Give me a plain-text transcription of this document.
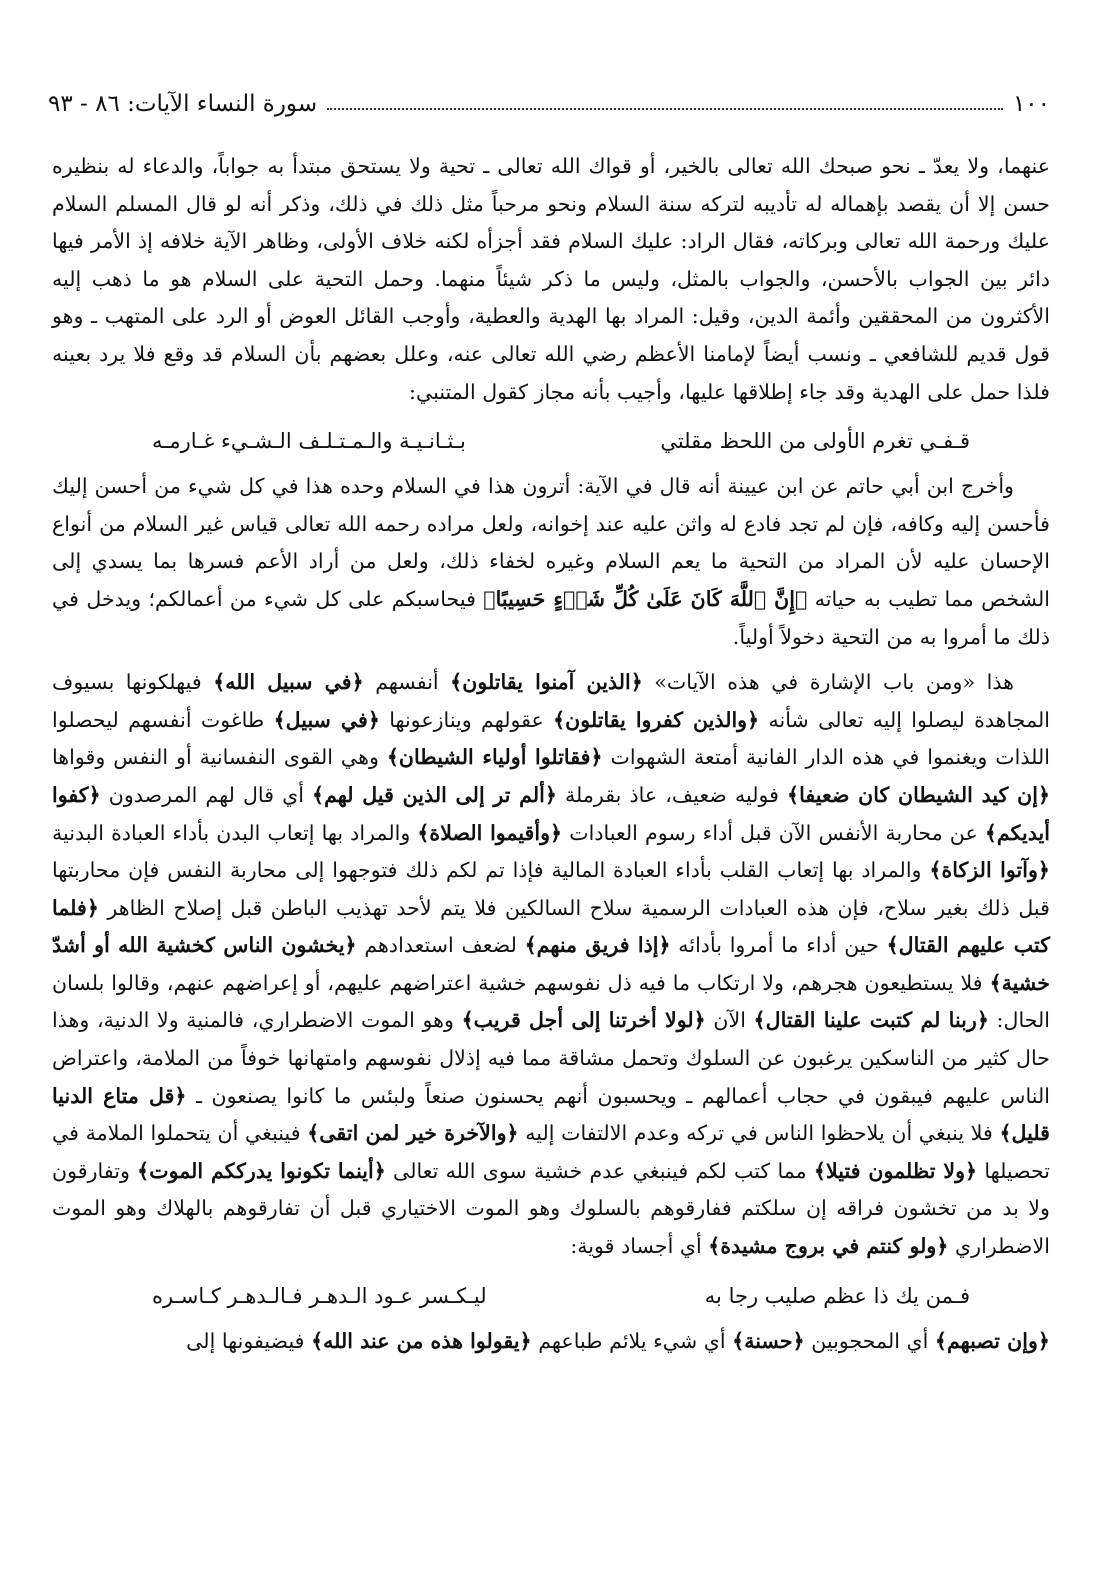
١٠٠
سورة النساء الآيات: ٨٦ - ٩٣

عنهما، ولا يعدّ ـ نحو صبحك الله تعالى بالخير، أو قواك الله تعالى ـ تحية ولا يستحق مبتدأ به جواباً، والدعاء له بنظيره حسن إلا أن يقصد بإهماله له تأديبه لتركه سنة السلام ونحو مرحباً مثل ذلك في ذلك، وذكر أنه لو قال المسلم السلام عليك ورحمة الله تعالى وبركاته، فقال الراد: عليك السلام فقد أجزأه لكنه خلاف الأولى، وظاهر الآية خلافه إذ الأمر فيها دائر بين الجواب بالأحسن، والجواب بالمثل، وليس ما ذكر شيئاً منهما. وحمل التحية على السلام هو ما ذهب إليه الأكثرون من المحققين وأئمة الدين، وقيل: المراد بها الهدية والعطية، وأوجب القائل العوض أو الرد على المتهب ـ وهو قول قديم للشافعي ـ ونسب أيضاً لإمامنا الأعظم رضي الله تعالى عنه، وعلل بعضهم بأن السلام قد وقع فلا يرد بعينه فلذا حمل على الهدية وقد جاء إطلاقها عليها، وأجيب بأنه مجاز كقول المتنبي:

قـفـي تغرم الأولى من اللحظ مقلتي
بـثـانـيـة والـمـتـلـف الـشـيء غـارمـه

وأخرج ابن أبي حاتم عن ابن عيينة أنه قال في الآية: أترون هذا في السلام وحده هذا في كل شيء من أحسن إليك فأحسن إليه وكافه، فإن لم تجد فادع له واثن عليه عند إخوانه، ولعل مراده رحمه الله تعالى قياس غير السلام من أنواع الإحسان عليه لأن المراد من التحية ما يعم السلام وغيره لخفاء ذلك، ولعل من أراد الأعم فسرها بما يسدي إلى الشخص مما تطيب به حياته ﴿إِنَّ ٱللَّهَ كَانَ عَلَىٰ كُلِّ شَيۡءٍ حَسِيبًا﴾ فيحاسبكم على كل شيء من أعمالكم؛ ويدخل في ذلك ما أمروا به من التحية دخولاً أولياً.

هذا «ومن باب الإشارة في هذه الآيات» ﴿الذين آمنوا يقاتلون﴾ أنفسهم ﴿في سبيل الله﴾ فيهلكونها بسيوف المجاهدة ليصلوا إليه تعالى شأنه ﴿والذين كفروا يقاتلون﴾ عقولهم وينازعونها ﴿في سبيل﴾ طاغوت أنفسهم ليحصلوا اللذات ويغنموا في هذه الدار الفانية أمتعة الشهوات ﴿فقاتلوا أولياء الشيطان﴾ وهي القوى النفسانية أو النفس وقواها ﴿إن كيد الشيطان كان ضعيفا﴾ فوليه ضعيف، عاذ بقرملة ﴿ألم تر إلى الذين قيل لهم﴾ أي قال لهم المرصدون ﴿كفوا أيديكم﴾ عن محاربة الأنفس الآن قبل أداء رسوم العبادات ﴿وأقيموا الصلاة﴾ والمراد بها إتعاب البدن بأداء العبادة البدنية ﴿وآتوا الزكاة﴾ والمراد بها إتعاب القلب بأداء العبادة المالية فإذا تم لكم ذلك فتوجهوا إلى محاربة النفس فإن محاربتها قبل ذلك بغير سلاح، فإن هذه العبادات الرسمية سلاح السالكين فلا يتم لأحد تهذيب الباطن قبل إصلاح الظاهر ﴿فلما كتب عليهم القتال﴾ حين أداء ما أمروا بأدائه ﴿إذا فريق منهم﴾ لضعف استعدادهم ﴿يخشون الناس كخشية الله أو أشدّ خشية﴾ فلا يستطيعون هجرهم، ولا ارتكاب ما فيه ذل نفوسهم خشية اعتراضهم عليهم، أو إعراضهم عنهم، وقالوا بلسان الحال: ﴿ربنا لم كتبت علينا القتال﴾ الآن ﴿لولا أخرتنا إلى أجل قريب﴾ وهو الموت الاضطراري، فالمنية ولا الدنية، وهذا حال كثير من الناسكين يرغبون عن السلوك وتحمل مشاقة مما فيه إذلال نفوسهم وامتهانها خوفاً من الملامة، واعتراض الناس عليهم فيبقون في حجاب أعمالهم ـ ويحسبون أنهم يحسنون صنعاً ولبئس ما كانوا يصنعون ـ ﴿قل متاع الدنيا قليل﴾ فلا ينبغي أن يلاحظوا الناس في تركه وعدم الالتفات إليه ﴿والآخرة خير لمن اتقى﴾ فينبغي أن يتحملوا الملامة في تحصيلها ﴿ولا تظلمون فتيلا﴾ مما كتب لكم فينبغي عدم خشية سوى الله تعالى ﴿أينما تكونوا يدرككم الموت﴾ وتفارقون ولا بد من تخشون فراقه إن سلكتم ففارقوهم بالسلوك وهو الموت الاختياري قبل أن تفارقوهم بالهلاك وهو الموت الاضطراري ﴿ولو كنتم في بروج مشيدة﴾ أي أجساد قوية:

فـمن يك ذا عظم صليب رجا به
ليـكـسر عـود الـدهـر فـالـدهـر كـاسـره

﴿وإن تصبهم﴾ أي المحجوبين ﴿حسنة﴾ أي شيء يلائم طباعهم ﴿يقولوا هذه من عند الله﴾ فيضيفونها إلى
